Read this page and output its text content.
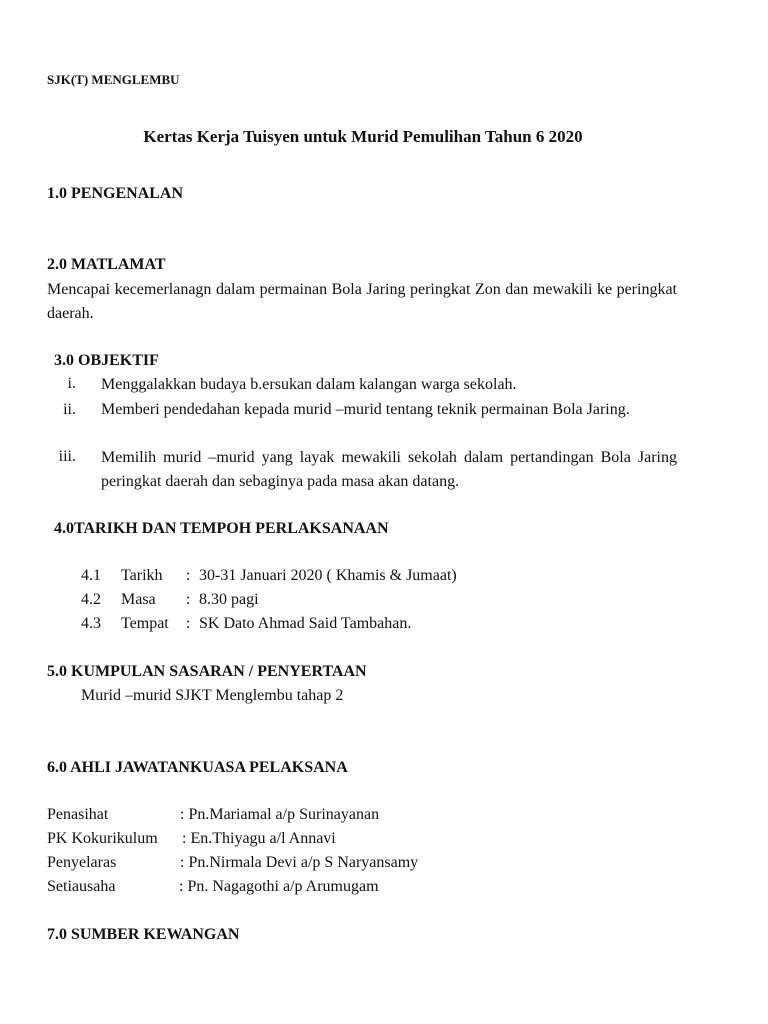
SJK(T) MENGLEMBU
Kertas Kerja Tuisyen untuk Murid Pemulihan Tahun 6 2020
1.0 PENGENALAN
2.0 MATLAMAT
Mencapai kecemerlanagn dalam permainan Bola Jaring peringkat Zon dan mewakili ke peringkat daerah.
3.0 OBJEKTIF
i. Menggalakkan budaya b.ersukan dalam kalangan warga sekolah.
ii. Memberi pendedahan kepada murid –murid tentang teknik permainan Bola Jaring.
iii. Memilih murid –murid yang layak mewakili sekolah dalam pertandingan Bola Jaring peringkat daerah dan sebaginya pada masa akan datang.
4.0TARIKH DAN TEMPOH PERLAKSANAAN
4.1 Tarikh : 30-31 Januari 2020 ( Khamis & Jumaat)
4.2 Masa : 8.30 pagi
4.3 Tempat : SK Dato Ahmad Said Tambahan.
5.0 KUMPULAN SASARAN / PENYERTAAN
Murid –murid SJKT Menglembu tahap 2
6.0 AHLI JAWATANKUASA PELAKSANA
Penasihat	: Pn.Mariamal a/p Surinayanan
PK Kokurikulum : En.Thiyagu a/l Annavi
Penyelaras	: Pn.Nirmala Devi a/p S Naryansamy
Setiausaha	: Pn. Nagagothi a/p Arumugam
7.0 SUMBER KEWANGAN
